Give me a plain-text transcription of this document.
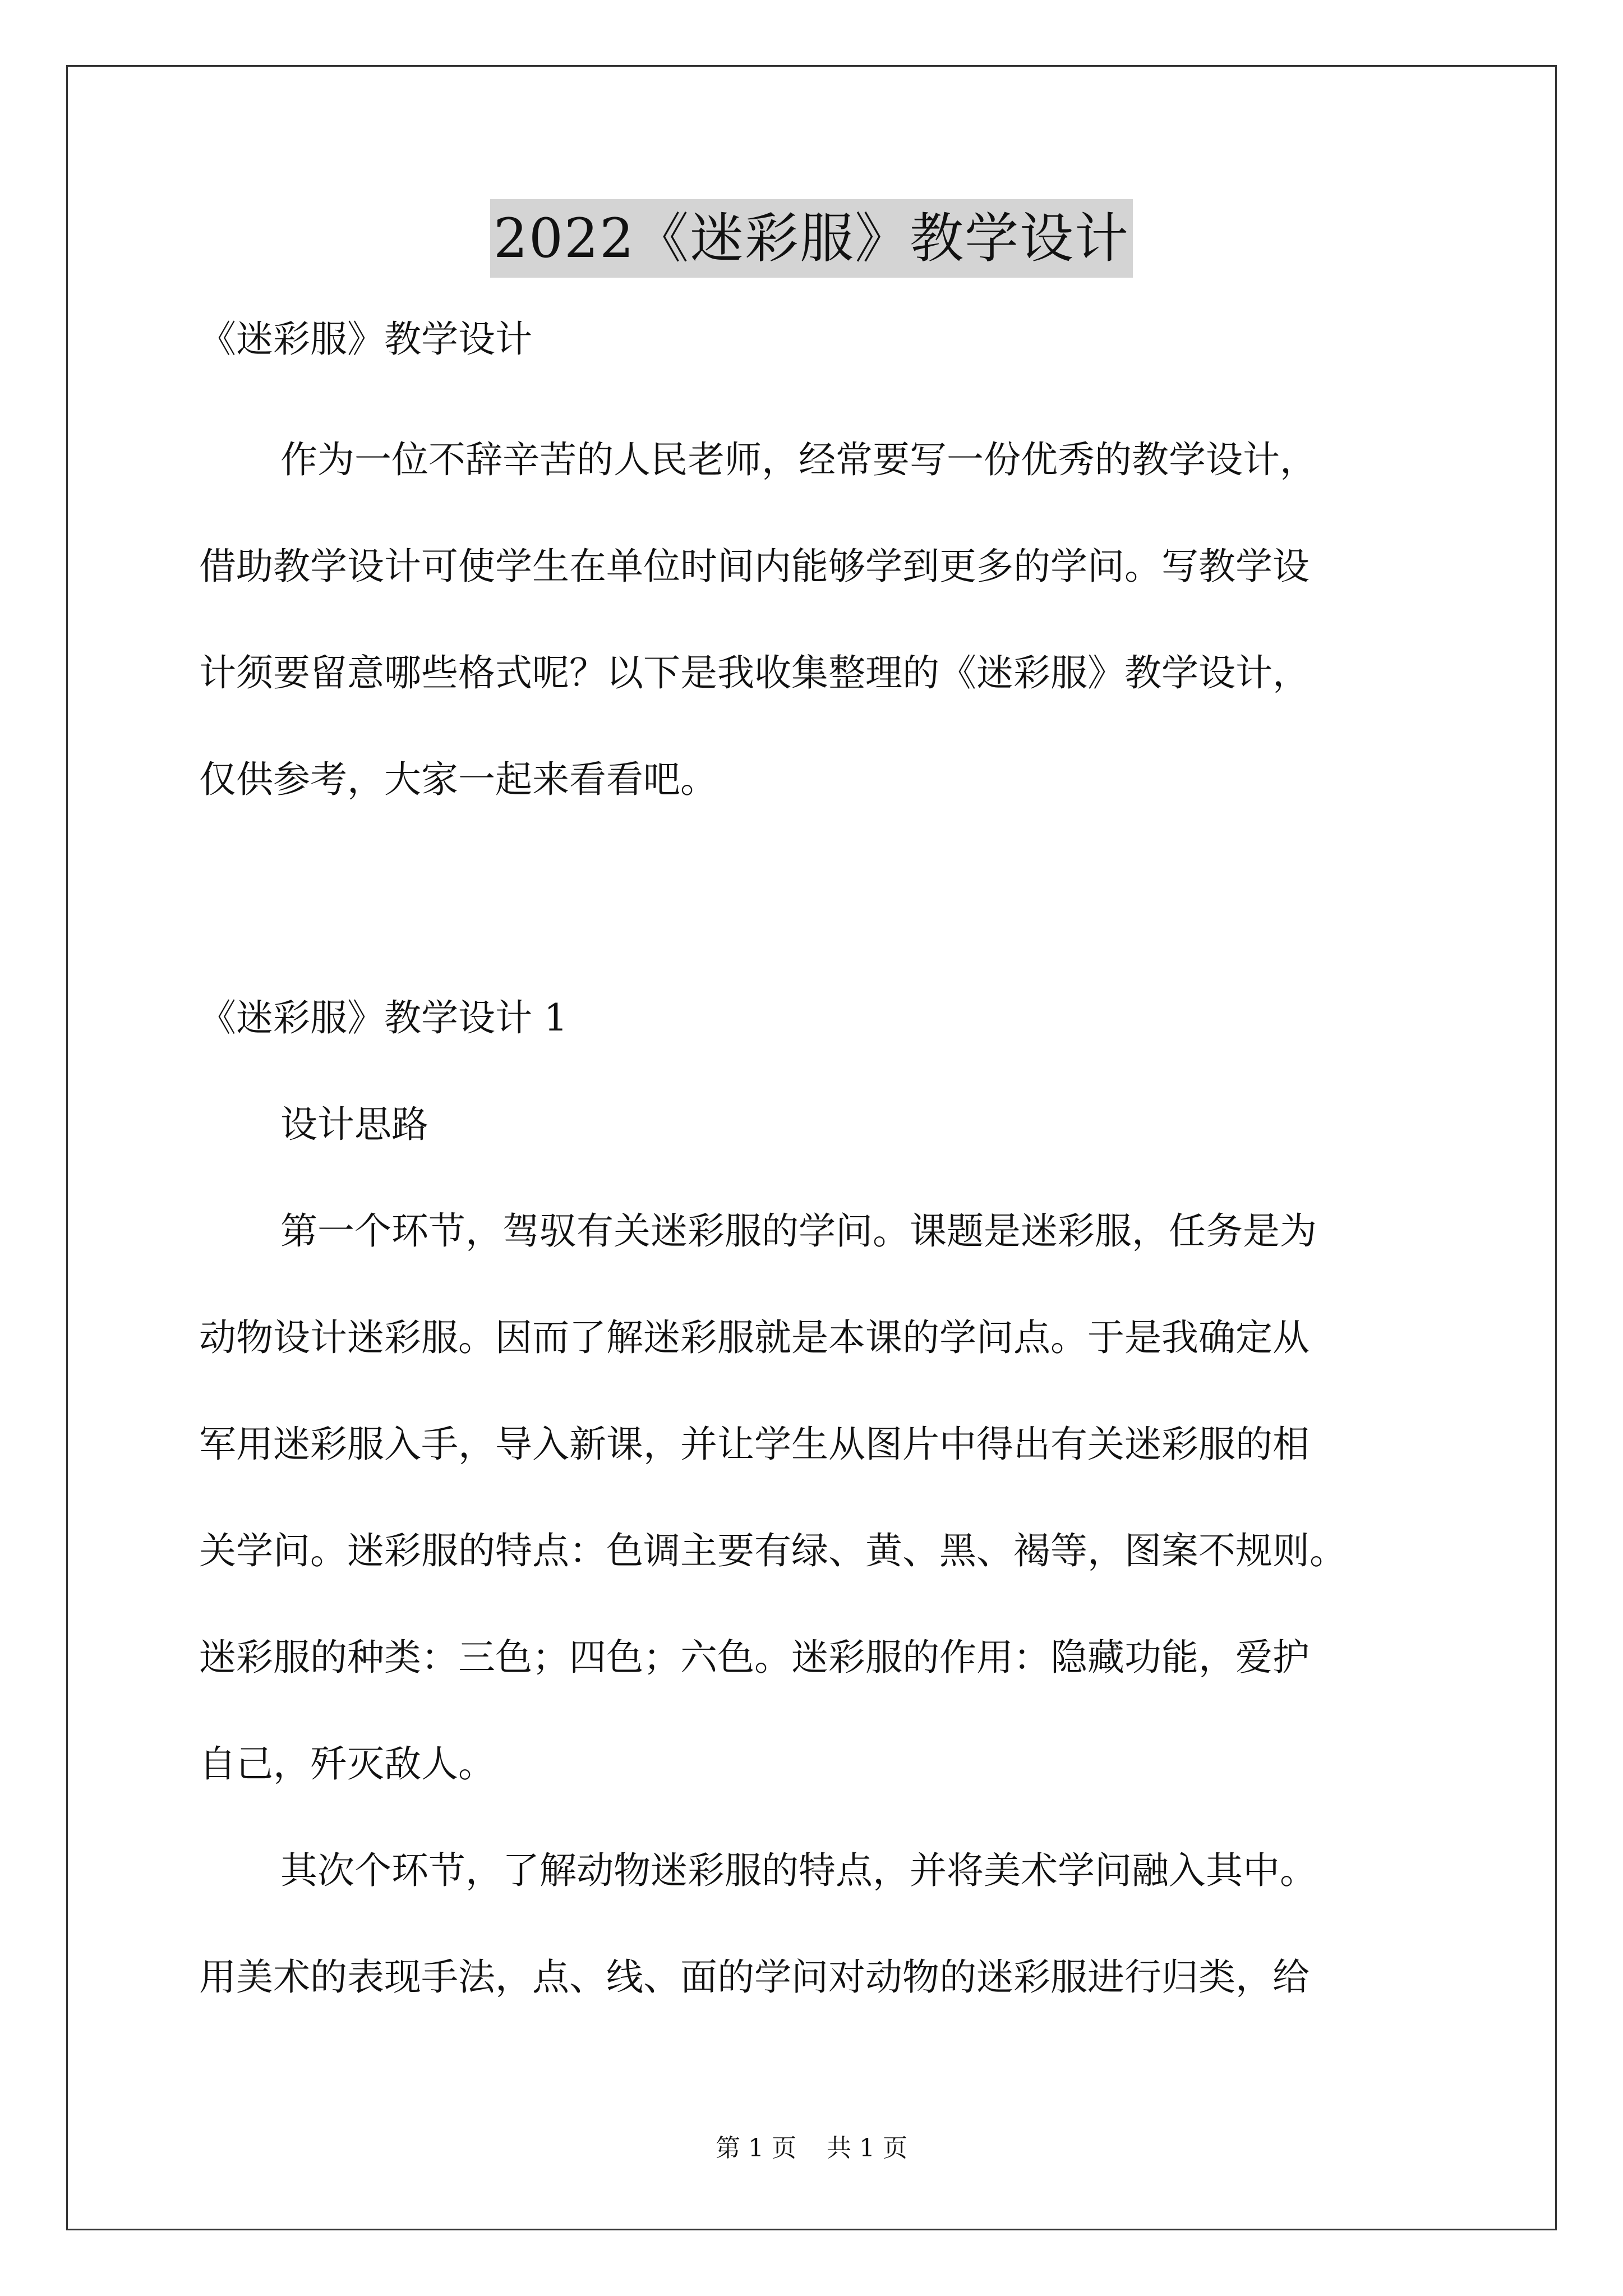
2022《迷彩服》教学设计
《迷彩服》教学设计
作为一位不辞辛苦的人民老师，经常要写一份优秀的教学设计，
借助教学设计可使学生在单位时间内能够学到更多的学问。写教学设
计须要留意哪些格式呢？以下是我收集整理的《迷彩服》教学设计，
仅供参考，大家一起来看看吧。
《迷彩服》教学设计 1
设计思路
第一个环节，驾驭有关迷彩服的学问。课题是迷彩服，任务是为
动物设计迷彩服。因而了解迷彩服就是本课的学问点。于是我确定从
军用迷彩服入手，导入新课，并让学生从图片中得出有关迷彩服的相
关学问。迷彩服的特点：色调主要有绿、黄、黑、褐等，图案不规则。
迷彩服的种类：三色；四色；六色。迷彩服的作用：隐藏功能，爱护
自己，歼灭敌人。
其次个环节，了解动物迷彩服的特点，并将美术学问融入其中。
用美术的表现手法，点、线、面的学问对动物的迷彩服进行归类，给
第 1 页 共 1 页
